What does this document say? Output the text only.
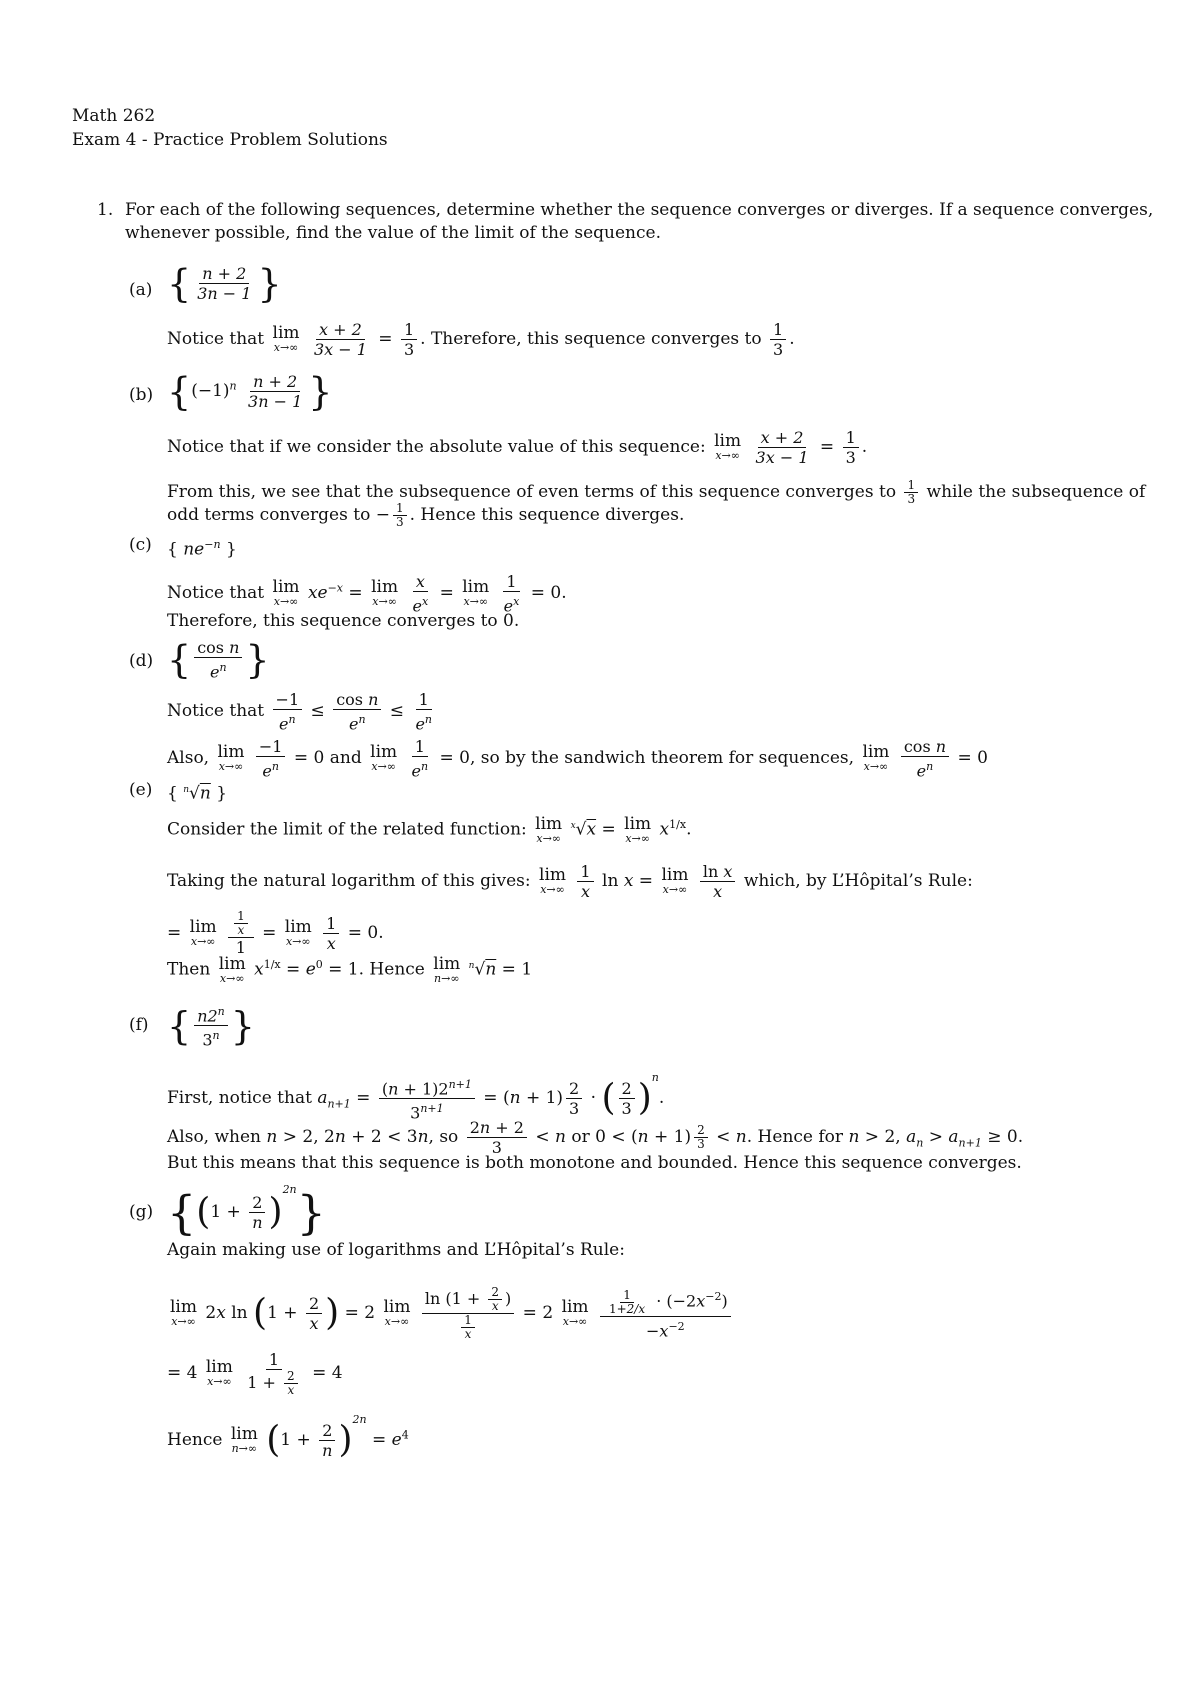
Math 262
Exam 4 - Practice Problem Solutions
1. For each of the following sequences, determine whether the sequence converges or diverges. If a sequence converges,
whenever possible, find the value of the limit of the sequence.
(a) { $\frac{n + 2}{3n - 1}$ }
Notice that lim
x→∞
$\frac{x + 2}{3x - 1} = \frac{1}{3}$ . Therefore, this sequence converges to $\frac{1}{3}$ .
(b) {$(-1)^n \frac{n + 2}{3n - 1}$ }
Notice that if we consider the absolute value of this sequence: lim
x→∞
$\frac{x + 2}{3x - 1} = \frac{1}{3}$ .
From this, we see that the subsequence of even terms of this sequence converges to $\frac{1}{3}$ while the subsequence of
odd terms converges to − $\frac{1}{3}$ . Hence this sequence diverges.
(c) { $ne^{-n}$ }
Notice that lim
x→∞ $xe^{-x} = \lim$
x→∞
$\frac{x}{e^x} = \lim$
x→∞
$\frac{1}{e^x} = 0$.
Therefore, this sequence converges to 0.
(d) { $\frac{\text{cos n}}{e^n}$ }
Notice that $\frac{-1}{e^n} \le \frac{\text{cos n}}{e^n} \le \frac{1}{e^n}$
Also, lim
x→∞
$\frac{-1}{e^n} = 0$ and lim
x→∞
$\frac{1}{e^n} = 0$, so by the sandwich theorem for sequences, lim
x→∞
$\frac{\text{cos n}}{e^n} = 0$
(e) { $^n$√n }
Consider the limit of the related function: lim
x→∞
$^x$√x = lim
x→∞ $x^{1/x}$.
Taking the natural logarithm of this gives: lim
x→∞
$\frac{1}{x}$ ln x = lim
x→∞
$\frac{\text{ln x}}{x}$ which, by L’Hôpital’s Rule:
= lim
x→∞
$\frac{\frac{1}{x}}{1} = \lim$
x→∞
$\frac{1}{x} = 0$.
Then lim
x→∞ $x^{1/x} = e^0 = 1$. Hence lim
n→∞
$^n$√n = 1
(f) { $\frac{n2^n}{3^n}$ }
First, notice that $a_{n+1} = \frac{(n + 1)2^{n+1}}{3^{n+1}} = (n + 1) \frac{2}{3}$ · ( $\frac{2}{3} )^n$.
Also, when n > 2, 2n + 2 < 3n, so $\frac{2n + 2}{3} < n$ or $0 < (n + 1) \frac{2}{3} < n$. Hence for n > 2, $a_n > a_{n+1} \ge 0$.
But this means that this sequence is both monotone and bounded. Hence this sequence converges.
(g) $\{(1 + \frac{2}{n} )^{2n}\}$
Again making use of logarithms and L’Hôpital’s Rule:
lim
x→∞ 2x $\ln (1 + \frac{2}{x}$ ) = 2 lim
x→∞
$\frac{\ln (1 + \frac{2}{x} )}{\frac{1}{x}} = 2$ lim
x→∞
$\frac{\frac{1}{1+2/x} \cdot (-2x^{-2})}{-x^{-2}}$
= 4 lim
x→∞
$\frac{1}{1 + \frac{2}{x}} = 4$
Hence lim
n→∞ $(1 + \frac{2}{n} )^{2n} = e^4$
